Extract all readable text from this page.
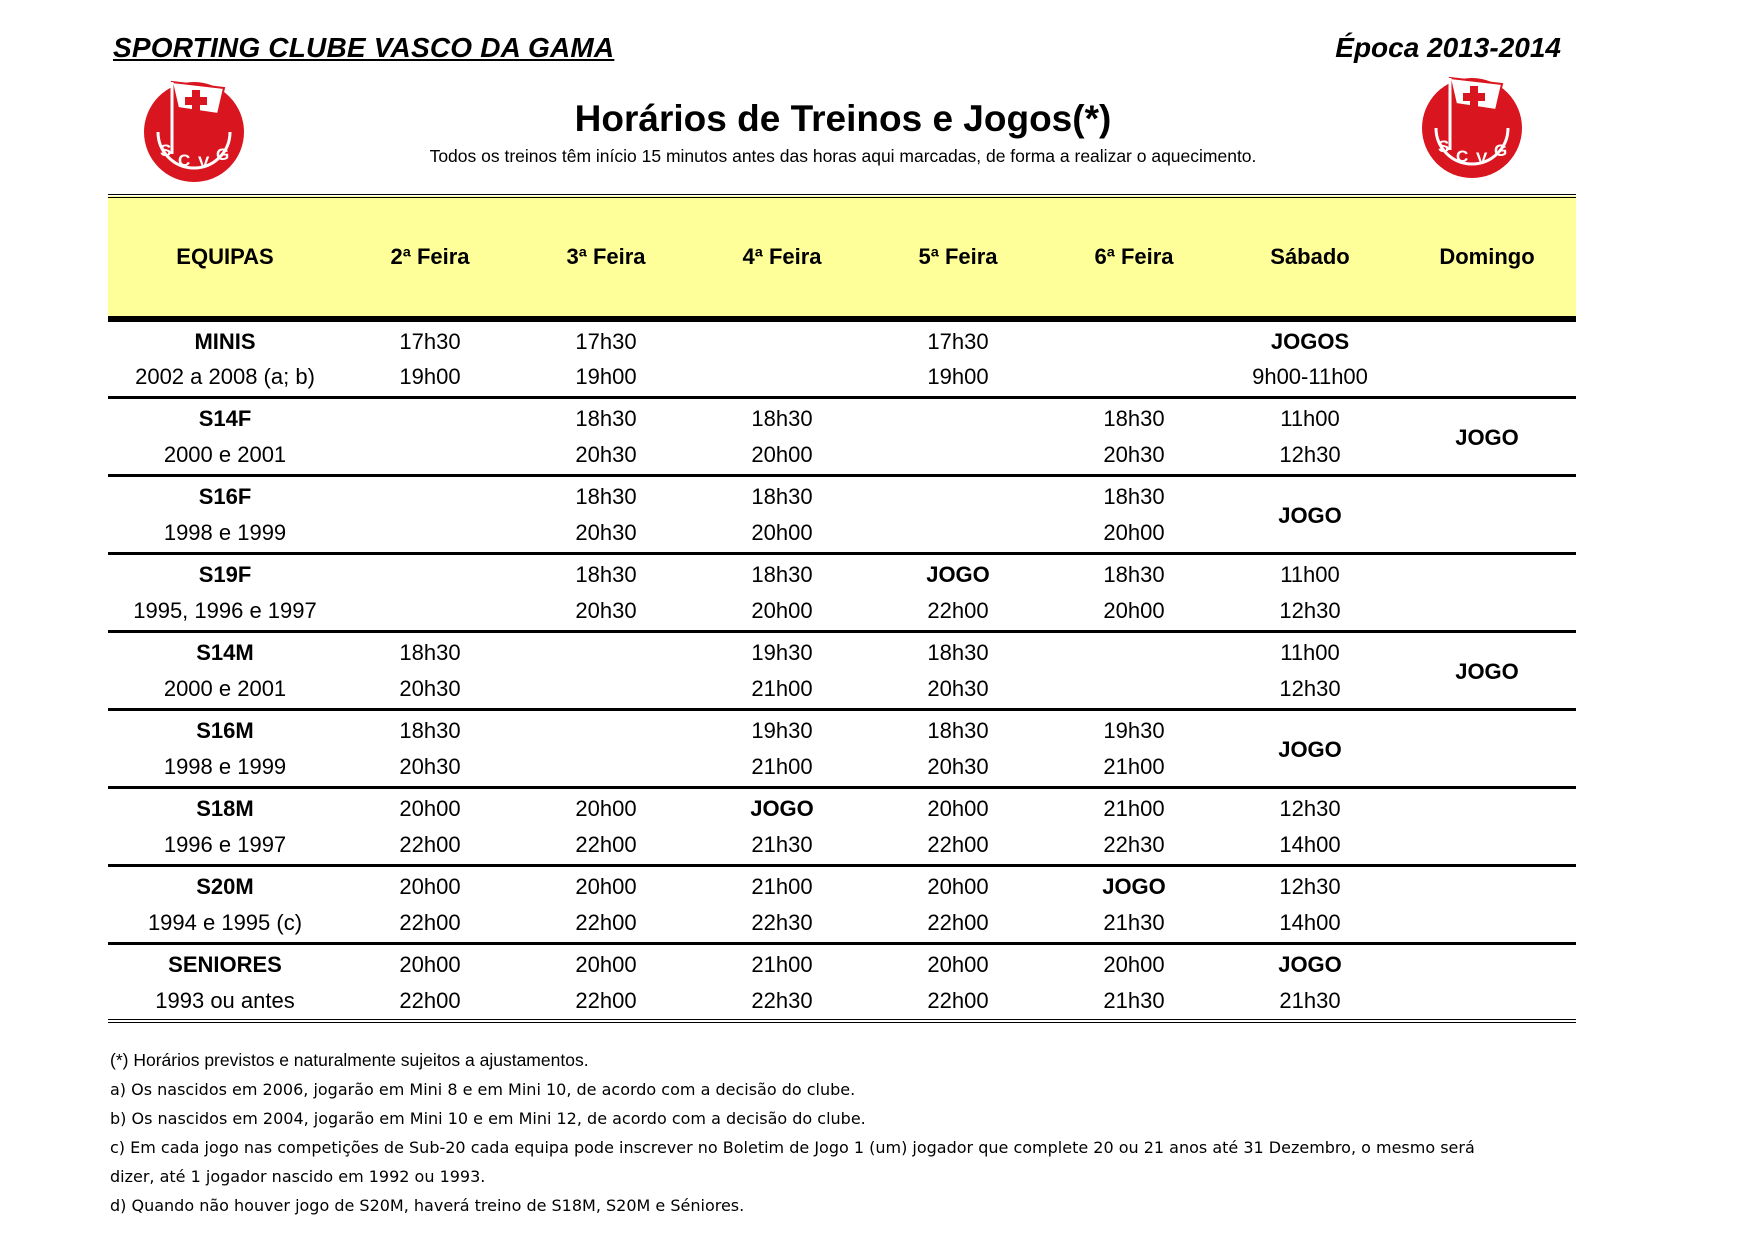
SPORTING CLUBE VASCO DA GAMA	Época 2013-2014
S
C V G	S
C V G
Horários de Treinos e Jogos(*)
Todos os treinos têm início 15 minutos antes das horas aqui marcadas, de forma a realizar o aquecimento.
EQUIPAS	2ª Feira	3ª Feira	4ª Feira	5ª Feira	6ª Feira	Sábado	Domingo
MINIS	17h30	17h30		17h30		JOGOS	
2002 a 2008 (a; b)	19h00	19h00		19h00		9h00-11h00	
S14F		18h30	18h30		18h30	11h00	JOGO
2000 e 2001		20h30	20h00		20h30	12h30	
S16F		18h30	18h30		18h30	JOGO	
1998 e 1999		20h30	20h00		20h00		
S19F		18h30	18h30	JOGO	18h30	11h00	
1995, 1996 e 1997		20h30	20h00	22h00	20h00	12h30	
S14M	18h30		19h30	18h30		11h00	JOGO
2000 e 2001	20h30		21h00	20h30		12h30	
S16M	18h30		19h30	18h30	19h30	JOGO	
1998 e 1999	20h30		21h00	20h30	21h00		
S18M	20h00	20h00	JOGO	20h00	21h00	12h30	
1996 e 1997	22h00	22h00	21h30	22h00	22h30	14h00	
S20M	20h00	20h00	21h00	20h00	JOGO	12h30	
1994 e 1995 (c)	22h00	22h00	22h30	22h00	21h30	14h00	
SENIORES	20h00	20h00	21h00	20h00	20h00	JOGO	
1993 ou antes	22h00	22h00	22h30	22h00	21h30	21h30	
(*) Horários previstos e naturalmente sujeitos a ajustamentos.
a) Os nascidos em 2006, jogarão em Mini 8 e em Mini 10, de acordo com a decisão do clube.
b) Os nascidos em 2004, jogarão em Mini 10 e em Mini 12, de acordo com a decisão do clube.
c) Em cada jogo nas competições de Sub-20 cada equipa pode inscrever no Boletim de Jogo 1 (um) jogador que complete 20 ou 21 anos até 31 Dezembro, o mesmo será
dizer, até 1 jogador nascido em 1992 ou 1993.
d) Quando não houver jogo de S20M, haverá treino de S18M, S20M e Séniores.
